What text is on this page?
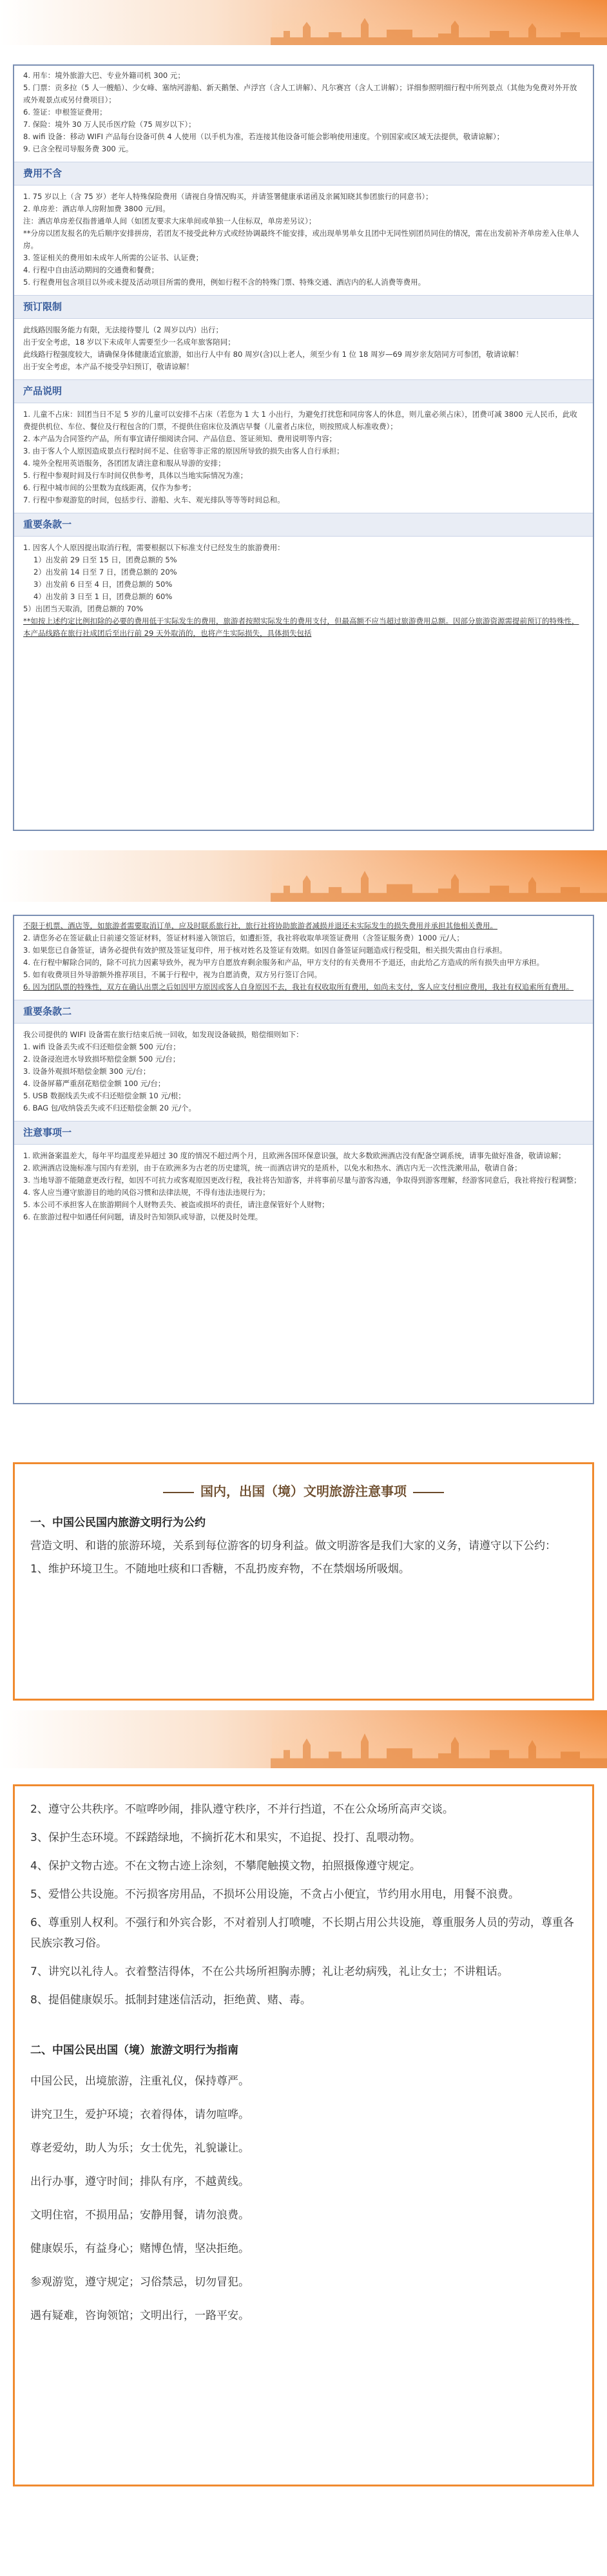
4. 用车：境外旅游大巴、专业外籍司机 300 元；

5. 门票：贡多拉（5 人一艘船）、少女峰、塞纳河游船、新天鹅堡、卢浮宫（含人工讲解）、凡尔赛宫（含人工讲解）；详细参照明细行程中所列景点（其他为免费对外开放或外观景点或另付费项目）；

6. 签证：申根签证费用；

7. 保险：境外 30 万人民币医疗险（75 周岁以下）；

8. wifi 设备：移动 WIFI 产品每台设备可供 4 人使用（以手机为准，若连接其他设备可能会影响使用速度。个别国家或区域无法提供，敬请谅解）；

9. 已含全程司导服务费 300 元。

费用不含

1. 75 岁以上（含 75 岁）老年人特殊保险费用（请视自身情况购买，并请签署健康承诺函及亲属知晓其参团旅行的同意书）；

2. 单房差：酒店单人房附加费 3800 元/间。

注：酒店单房差仅指普通单人间（如团友要求大床单间或单独一人住标双，单房差另议）；

**分房以团友报名的先后顺序安排拼房，若团友不接受此种方式或经协调最终不能安排，或出现单男单女且团中无同性别团员同住的情况，需在出发前补齐单房差入住单人房。

3. 签证相关的费用如未成年人所需的公证书、认证费；

4. 行程中自由活动期间的交通费和餐费；

5. 行程费用包含项目以外或未提及活动项目所需的费用，例如行程不含的特殊门票、特殊交通、酒店内的私人消费等费用。

预订限制

此线路因服务能力有限，无法接待婴儿（2 周岁以内）出行；

出于安全考虑，18 岁以下未成年人需要至少一名成年旅客陪同；

此线路行程强度较大，请确保身体健康适宜旅游，如出行人中有 80 周岁(含)以上老人，须至少有 1 位 18 周岁—69 周岁亲友陪同方可参团，敬请谅解！

出于安全考虑，本产品不接受孕妇预订，敬请谅解！

产品说明

1. 儿童不占床：回团当日不足 5 岁的儿童可以安排不占床（若您为 1 大 1 小出行，为避免打扰您和同房客人的休息，则儿童必须占床），团费可减 3800 元人民币，此收费提供机位、车位、餐位及行程包含的门票，不提供住宿床位及酒店早餐（儿童者占床位，则按照成人标准收费）；

2. 本产品为合同签约产品，所有事宜请仔细阅读合同、产品信息、签证须知、费用说明等内容；

3. 由于客人个人原因造成景点行程时间不足、住宿等非正常的原因所导致的损失由客人自行承担；

4. 境外全程用英语服务，各团团友请注意和服从导游的安排；

5. 行程中参观时间及行车时间仅供参考，具体以当地实际情况为准；

6. 行程中城市间的公里数为直线距离，仅作为参考；

7. 行程中参观游览的时间，包括步行、游船、火车、观光排队等等等时间总和。

重要条款一

1. 因客人个人原因提出取消行程，需要根据以下标准支付已经发生的旅游费用：

1）出发前 29 日至 15 日，团费总额的 5%

2）出发前 14 日至 7 日，团费总额的 20%

3）出发前 6 日至 4 日，团费总额的 50%

4）出发前 3 日至 1 日，团费总额的 60%

5）出团当天取消，团费总额的 70%

**如按上述约定比例扣除的必要的费用低于实际发生的费用，旅游者按照实际发生的费用支付，但最高额不应当超过旅游费用总额。因部分旅游资源需提前预订的特殊性，本产品线路在旅行社成团后至出行前 29 天外取消的，也将产生实际损失，具体损失包括

不限于机票、酒店等，如旅游者需要取消订单，应及时联系旅行社，旅行社将协助旅游者减损并退还未实际发生的损失费用并承担其他相关费用。

2. 请您务必在签证截止日前递交签证材料，签证材料递入领馆后，如遭拒签，我社将收取单项签证费用（含签证服务费）1000 元/人；

3. 如果您已自备签证，请务必提供有效护照及签证复印件，用于核对姓名及签证有效期。如因自备签证问题造成行程受阻，相关损失需由自行承担。

4. 在行程中解除合同的，除不可抗力因素导致外，视为甲方自愿放弃剩余服务和产品，甲方支付的有关费用不予退还，由此给乙方造成的所有损失由甲方承担。

5. 如有收费项目外导游额外推荐项目，不属于行程中，视为自愿消费，双方另行签订合同。

6. 因为团队票的特殊性，双方在确认出票之后如因甲方原因或客人自身原因不去，我社有权收取所有费用，如尚未支付，客人应支付相应费用，我社有权追索所有费用。

重要条款二

我公司提供的 WIFI 设备需在旅行结束后统一回收，如发现设备破损，赔偿细则如下：

1. wifi 设备丢失或不归还赔偿金额 500 元/台；

2. 设备浸泡进水导致损坏赔偿金额 500 元/台；

3. 设备外观损坏赔偿金额 300 元/台；

4. 设备屏幕严重刮花赔偿金额 100 元/台；

5. USB 数据线丢失或不归还赔偿金额 10 元/根；

6. BAG 包/收纳袋丢失或不归还赔偿金额 20 元/个。

注意事项一

1. 欧洲备案温差大，每年平均温度差异超过 30 度的情况不超过两个月，且欧洲各国环保意识强，故大多数欧洲酒店没有配备空调系统，请事先做好准备，敬请谅解；

2. 欧洲酒店设施标准与国内有差别，由于在欧洲多为古老的历史建筑，统一而酒店讲究的是质朴，以免水和热水、酒店内无一次性洗漱用品，敬请自备；

3. 当地导游不能随意更改行程，如因不可抗力或客观原因更改行程，我社将告知游客，并将事前尽量与游客沟通，争取得到游客理解，经游客同意后，我社将按行程调整；

4. 客人应当遵守旅游目的地的风俗习惯和法律法规，不得有违法违规行为；

5. 本公司不承担客人在旅游期间个人财物丢失、被盗或损坏的责任，请注意保管好个人财物；

6. 在旅游过程中如遇任何问题，请及时告知领队或导游，以便及时处理。

国内，出国（境）文明旅游注意事项
一、中国公民国内旅游文明行为公约
营造文明、和谐的旅游环境，关系到每位游客的切身利益。做文明游客是我们大家的义务，请遵守以下公约：
1、维护环境卫生。不随地吐痰和口香糖，不乱扔废弃物，不在禁烟场所吸烟。
2、遵守公共秩序。不喧哗吵闹，排队遵守秩序，不并行挡道，不在公众场所高声交谈。
3、保护生态环境。不踩踏绿地，不摘折花木和果实，不追捉、投打、乱喂动物。
4、保护文物古迹。不在文物古迹上涂刻，不攀爬触摸文物，拍照摄像遵守规定。
5、爱惜公共设施。不污损客房用品，不损坏公用设施，不贪占小便宜，节约用水用电，用餐不浪费。
6、尊重别人权利。不强行和外宾合影，不对着别人打喷嚏，不长期占用公共设施，尊重服务人员的劳动，尊重各民族宗教习俗。
7、讲究以礼待人。衣着整洁得体，不在公共场所袒胸赤膊；礼让老幼病残，礼让女士；不讲粗话。
8、提倡健康娱乐。抵制封建迷信活动，拒绝黄、赌、毒。
二、中国公民出国（境）旅游文明行为指南
中国公民，出境旅游，注重礼仪，保持尊严。
讲究卫生，爱护环境；衣着得体，请勿喧哗。
尊老爱幼，助人为乐；女士优先，礼貌谦让。
出行办事，遵守时间；排队有序，不越黄线。
文明住宿，不损用品；安静用餐，请勿浪费。
健康娱乐，有益身心；赌博色情，坚决拒绝。
参观游览，遵守规定；习俗禁忌，切勿冒犯。
遇有疑难，咨询领馆；文明出行，一路平安。
